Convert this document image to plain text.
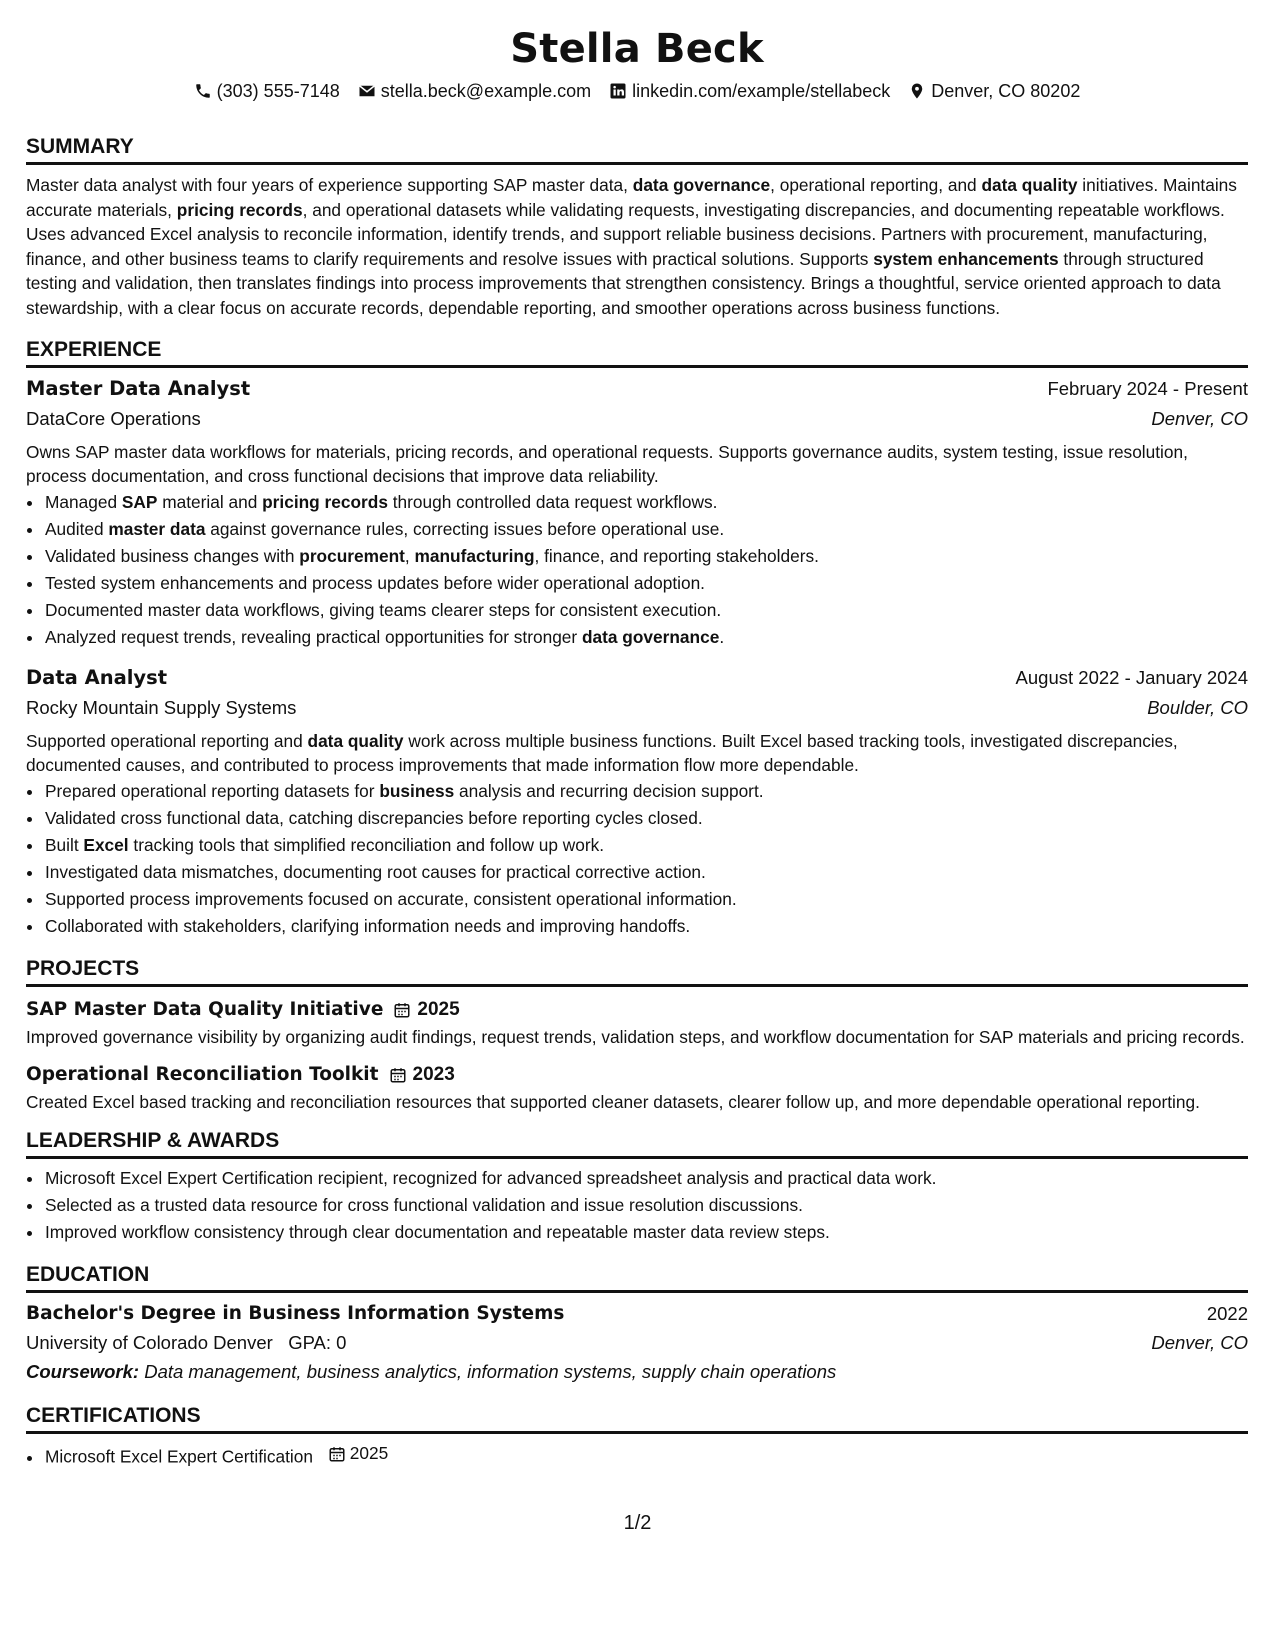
Stella Beck
(303) 555-7148 stella.beck@example.com linkedin.com/example/stellabeck Denver, CO 80202
SUMMARY

Master data analyst with four years of experience supporting SAP master data, data governance, operational reporting, and data quality initiatives. Maintains accurate materials, pricing records, and operational datasets while validating requests, investigating discrepancies, and documenting repeatable workflows. Uses advanced Excel analysis to reconcile information, identify trends, and support reliable business decisions. Partners with procurement, manufacturing, finance, and other business teams to clarify requirements and resolve issues with practical solutions. Supports system enhancements through structured testing and validation, then translates findings into process improvements that strengthen consistency. Brings a thoughtful, service oriented approach to data stewardship, with a clear focus on accurate records, dependable reporting, and smoother operations across business functions.

EXPERIENCE
Master Data Analyst	February 2024 - Present
DataCore Operations	Denver, CO

Owns SAP master data workflows for materials, pricing records, and operational requests. Supports governance audits, system testing, issue resolution, process documentation, and cross functional decisions that improve data reliability.

• Managed SAP material and pricing records through controlled data request workflows.
• Audited master data against governance rules, correcting issues before operational use.
• Validated business changes with procurement, manufacturing, finance, and reporting stakeholders.
• Tested system enhancements and process updates before wider operational adoption.
• Documented master data workflows, giving teams clearer steps for consistent execution.
• Analyzed request trends, revealing practical opportunities for stronger data governance.
Data Analyst	August 2022 - January 2024
Rocky Mountain Supply Systems	Boulder, CO

Supported operational reporting and data quality work across multiple business functions. Built Excel based tracking tools, investigated discrepancies, documented causes, and contributed to process improvements that made information flow more dependable.

• Prepared operational reporting datasets for business analysis and recurring decision support.
• Validated cross functional data, catching discrepancies before reporting cycles closed.
• Built Excel tracking tools that simplified reconciliation and follow up work.
• Investigated data mismatches, documenting root causes for practical corrective action.
• Supported process improvements focused on accurate, consistent operational information.
• Collaborated with stakeholders, clarifying information needs and improving handoffs.
PROJECTS
SAP Master Data Quality Initiative 2025

Improved governance visibility by organizing audit findings, request trends, validation steps, and workflow documentation for SAP materials and pricing records.

Operational Reconciliation Toolkit 2023

Created Excel based tracking and reconciliation resources that supported cleaner datasets, clearer follow up, and more dependable operational reporting.

LEADERSHIP & AWARDS
• Microsoft Excel Expert Certification recipient, recognized for advanced spreadsheet analysis and practical data work.
• Selected as a trusted data resource for cross functional validation and issue resolution discussions.
• Improved workflow consistency through clear documentation and repeatable master data review steps.
EDUCATION
Bachelor's Degree in Business Information Systems	2022
University of Colorado Denver GPA: 0	Denver, CO
Coursework: Data management, business analytics, information systems, supply chain operations
CERTIFICATIONS
• Microsoft Excel Expert Certification 2025
1/2
